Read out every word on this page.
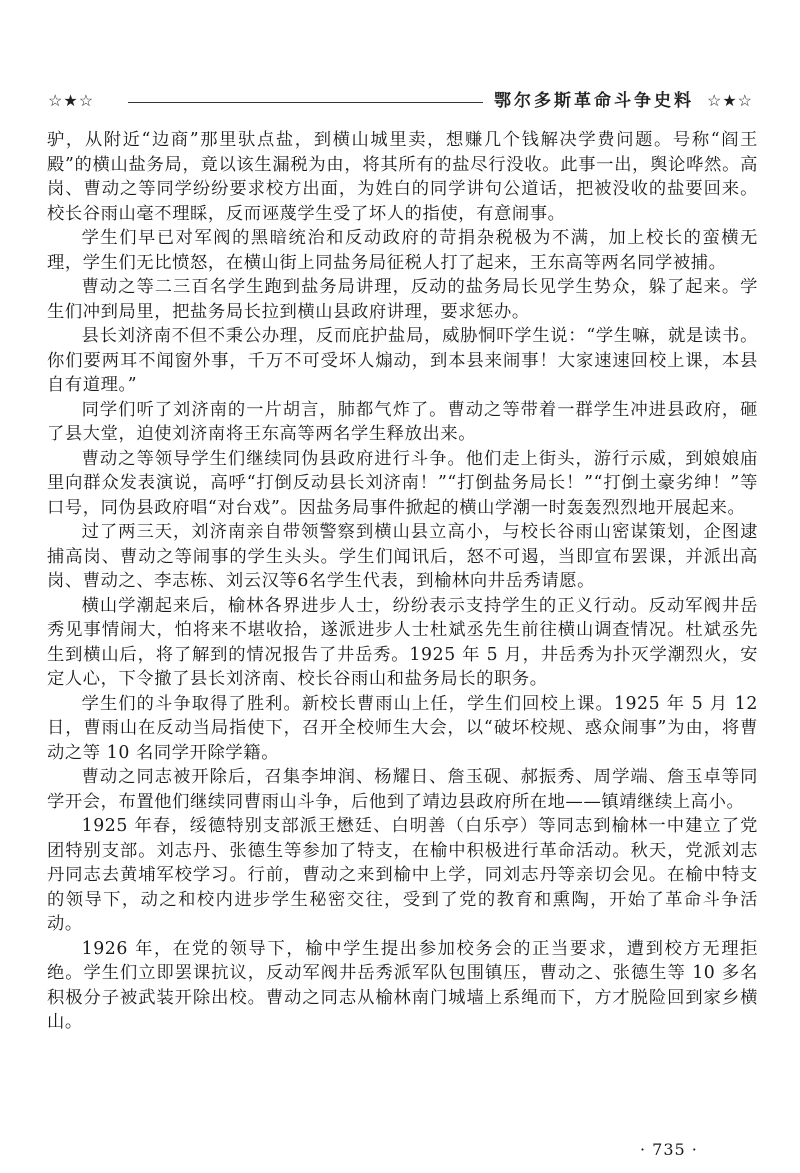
☆★☆	鄂尔多斯革命斗争史料 ☆★☆

驴，从附近“边商”那里驮点盐，到横山城里卖，想赚几个钱解决学费问题。号称“阎王殿”的横山盐务局，竟以该生漏税为由，将其所有的盐尽行没收。此事一出，舆论哗然。高岗、曹动之等同学纷纷要求校方出面，为姓白的同学讲句公道话，把被没收的盐要回来。校长谷雨山毫不理睬，反而诬蔑学生受了坏人的指使，有意闹事。

学生们早已对军阀的黑暗统治和反动政府的苛捐杂税极为不满，加上校长的蛮横无理，学生们无比愤怒，在横山街上同盐务局征税人打了起来，王东高等两名同学被捕。

曹动之等二三百名学生跑到盐务局讲理，反动的盐务局长见学生势众，躲了起来。学生们冲到局里，把盐务局长拉到横山县政府讲理，要求惩办。

县长刘济南不但不秉公办理，反而庇护盐局，威胁恫吓学生说：“学生嘛，就是读书。你们要两耳不闻窗外事，千万不可受坏人煽动，到本县来闹事！大家速速回校上课，本县自有道理。”

同学们听了刘济南的一片胡言，肺都气炸了。曹动之等带着一群学生冲进县政府，砸了县大堂，迫使刘济南将王东高等两名学生释放出来。

曹动之等领导学生们继续同伪县政府进行斗争。他们走上街头，游行示威，到娘娘庙里向群众发表演说，高呼“打倒反动县长刘济南！”“打倒盐务局长！”“打倒土豪劣绅！”等口号，同伪县政府唱“对台戏”。因盐务局事件掀起的横山学潮一时轰轰烈烈地开展起来。

过了两三天，刘济南亲自带领警察到横山县立高小，与校长谷雨山密谋策划，企图逮捕高岗、曹动之等闹事的学生头头。学生们闻讯后，怒不可遏，当即宣布罢课，并派出高岗、曹动之、李志栋、刘云汉等6名学生代表，到榆林向井岳秀请愿。

横山学潮起来后，榆林各界进步人士，纷纷表示支持学生的正义行动。反动军阀井岳秀见事情闹大，怕将来不堪收拾，遂派进步人士杜斌丞先生前往横山调查情况。杜斌丞先生到横山后，将了解到的情况报告了井岳秀。1925 年 5 月，井岳秀为扑灭学潮烈火，安定人心，下令撤了县长刘济南、校长谷雨山和盐务局长的职务。

学生们的斗争取得了胜利。新校长曹雨山上任，学生们回校上课。1925 年 5 月 12 日，曹雨山在反动当局指使下，召开全校师生大会，以“破坏校规、惑众闹事”为由，将曹动之等 10 名同学开除学籍。

曹动之同志被开除后，召集李坤润、杨耀日、詹玉砚、郝振秀、周学端、詹玉卓等同学开会，布置他们继续同曹雨山斗争，后他到了靖边县政府所在地——镇靖继续上高小。

1925 年春，绥德特别支部派王懋廷、白明善（白乐亭）等同志到榆林一中建立了党团特别支部。刘志丹、张德生等参加了特支，在榆中积极进行革命活动。秋天，党派刘志丹同志去黄埔军校学习。行前，曹动之来到榆中上学，同刘志丹等亲切会见。在榆中特支的领导下，动之和校内进步学生秘密交往，受到了党的教育和熏陶，开始了革命斗争活动。

1926 年，在党的领导下，榆中学生提出参加校务会的正当要求，遭到校方无理拒绝。学生们立即罢课抗议，反动军阀井岳秀派军队包围镇压，曹动之、张德生等 10 多名积极分子被武装开除出校。曹动之同志从榆林南门城墙上系绳而下，方才脱险回到家乡横山。

· 735 ·
